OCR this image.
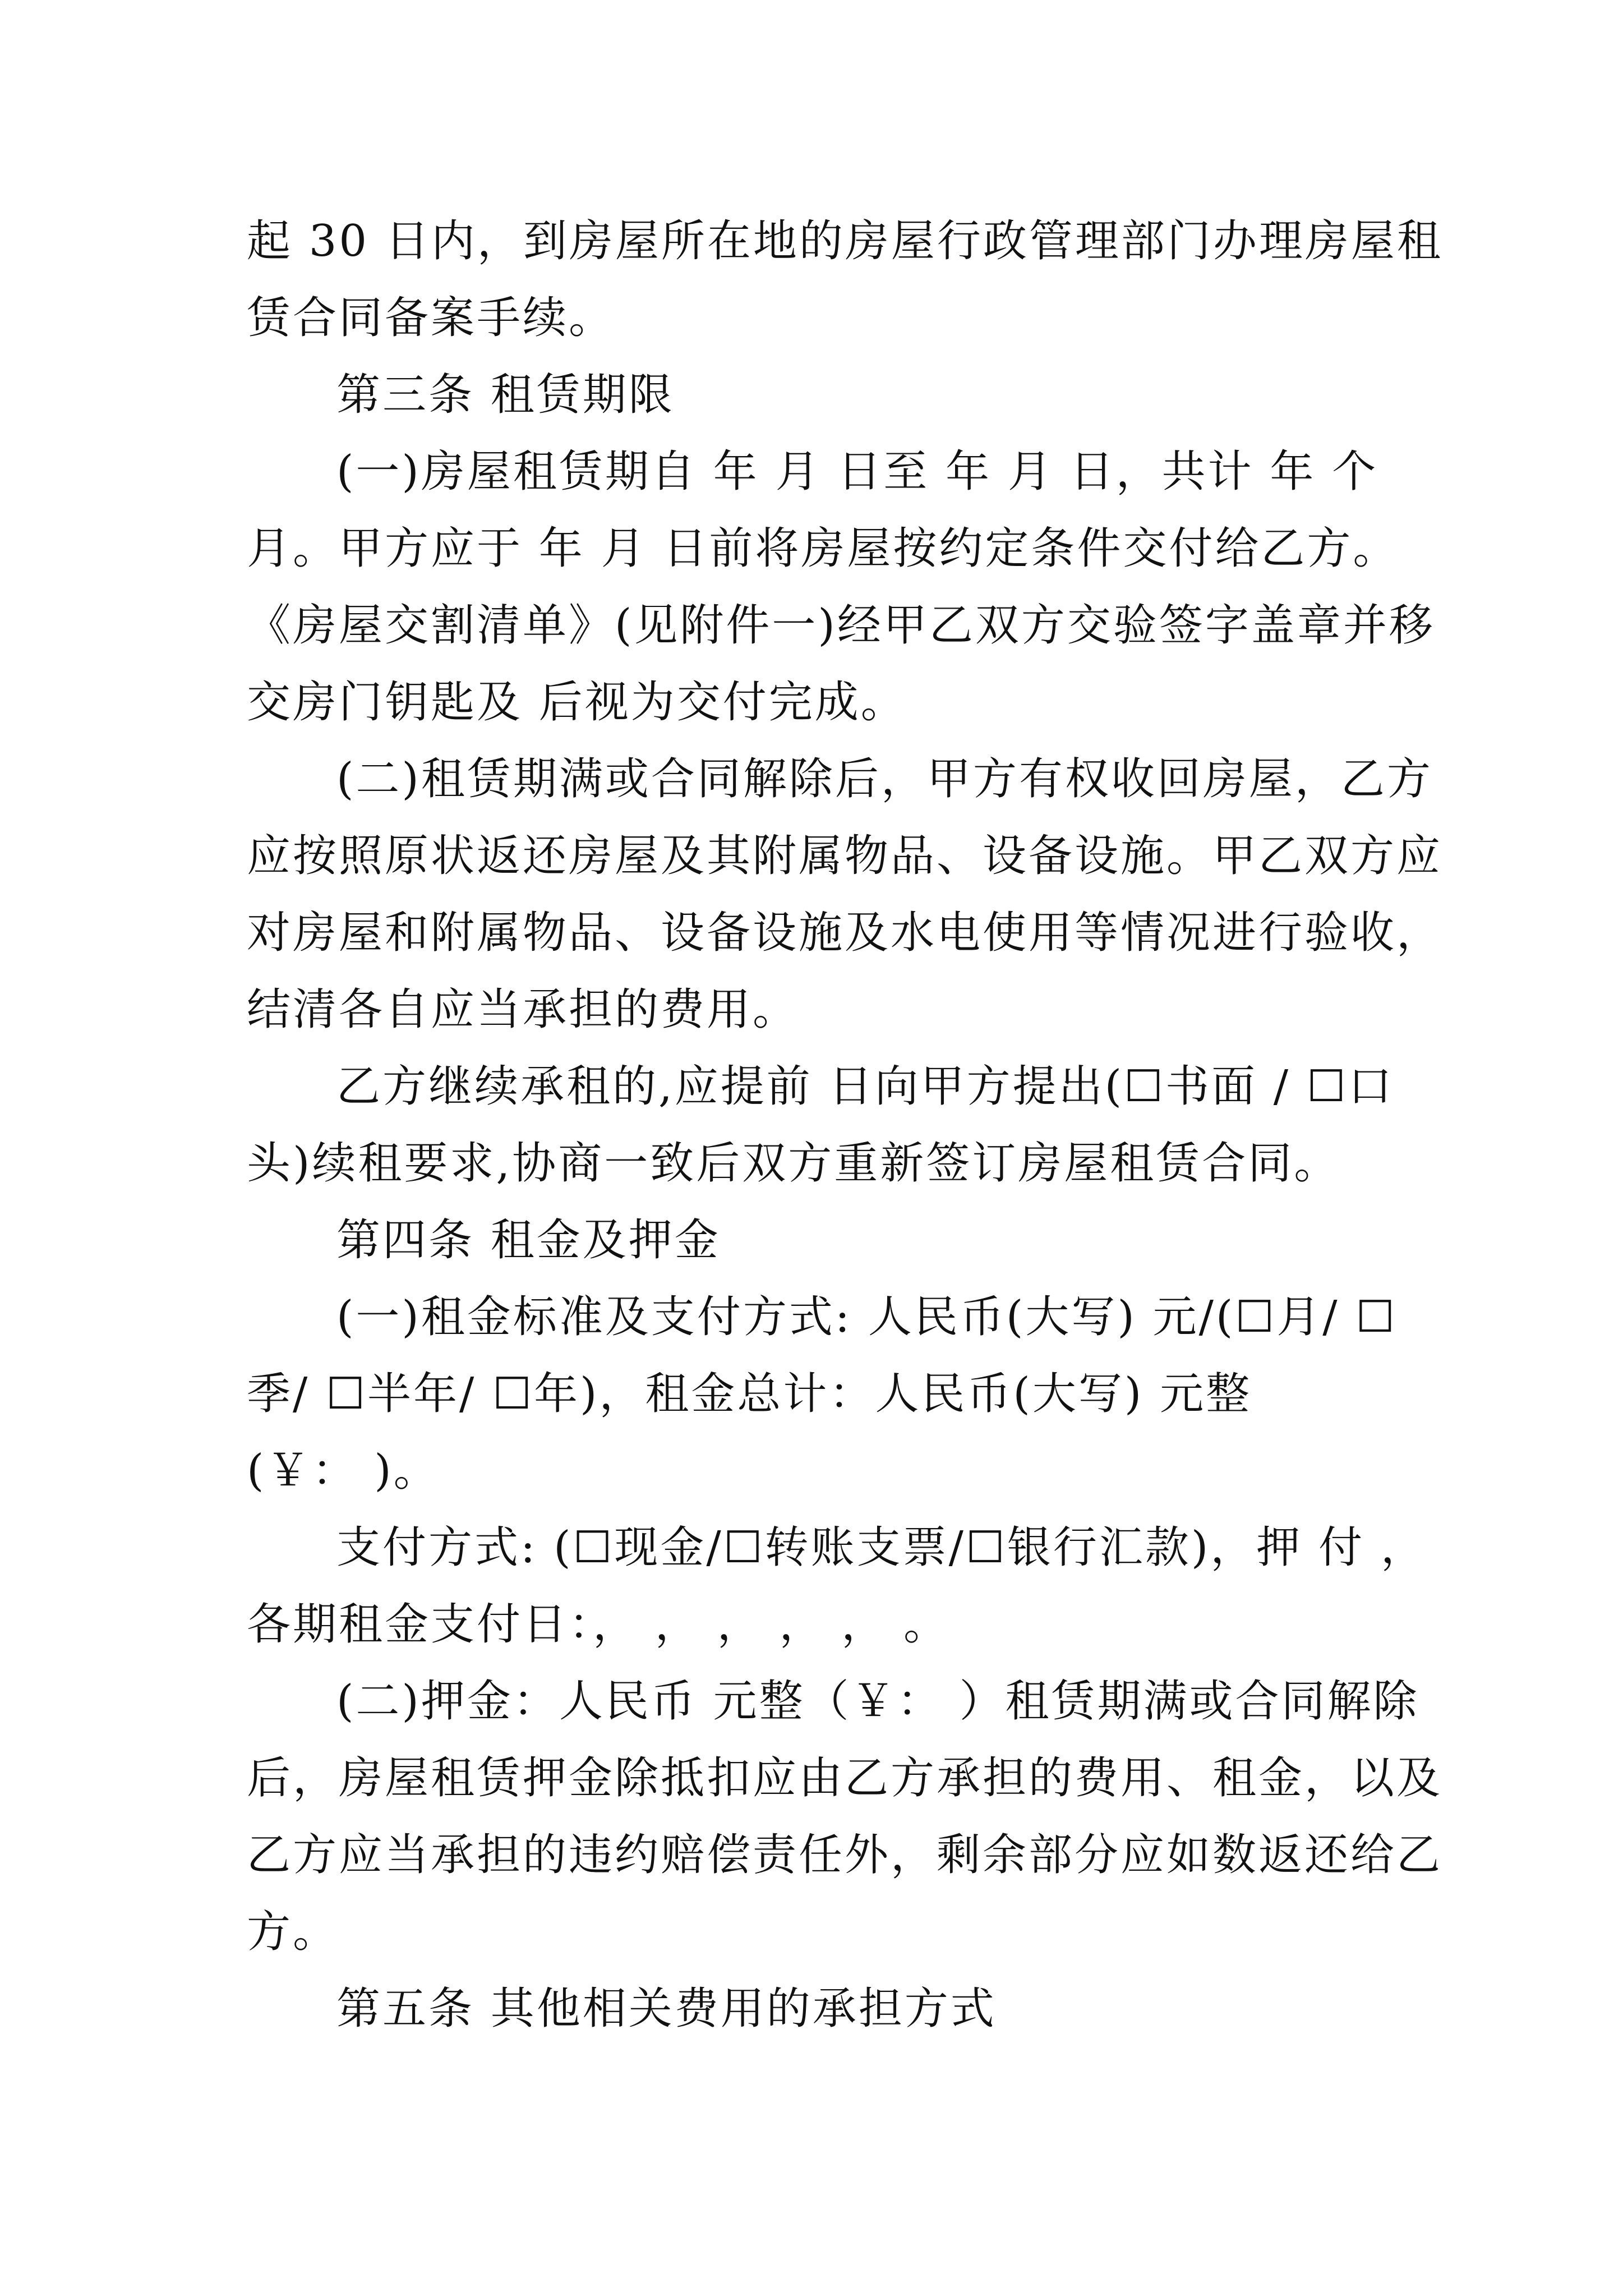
起 30 日内，到房屋所在地的房屋行政管理部门办理房屋租
赁合同备案手续。
第三条 租赁期限
(一)房屋租赁期自 年 月 日至 年 月 日，共计 年 个
月。甲方应于 年 月 日前将房屋按约定条件交付给乙方。
《房屋交割清单》(见附件一)经甲乙双方交验签字盖章并移
交房门钥匙及 后视为交付完成。
(二)租赁期满或合同解除后，甲方有权收回房屋，乙方
应按照原状返还房屋及其附属物品、设备设施。甲乙双方应
对房屋和附属物品、设备设施及水电使用等情况进行验收，
结清各自应当承担的费用。
乙方继续承租的,应提前 日向甲方提出(☐书面 / ☐口
头)续租要求,协商一致后双方重新签订房屋租赁合同。
第四条 租金及押金
(一)租金标准及支付方式: 人民币(大写) 元/(☐月/ ☐
季/ ☐半年/ ☐年)，租金总计：人民币(大写) 元整
(￥： )。
支付方式: (☐现金/☐转账支票/☐银行汇款)，押 付 ，
各期租金支付日：， ， ， ， ， 。
(二)押金：人民币 元整（￥： ）租赁期满或合同解除
后，房屋租赁押金除抵扣应由乙方承担的费用、租金，以及
乙方应当承担的违约赔偿责任外，剩余部分应如数返还给乙
方。
第五条 其他相关费用的承担方式
